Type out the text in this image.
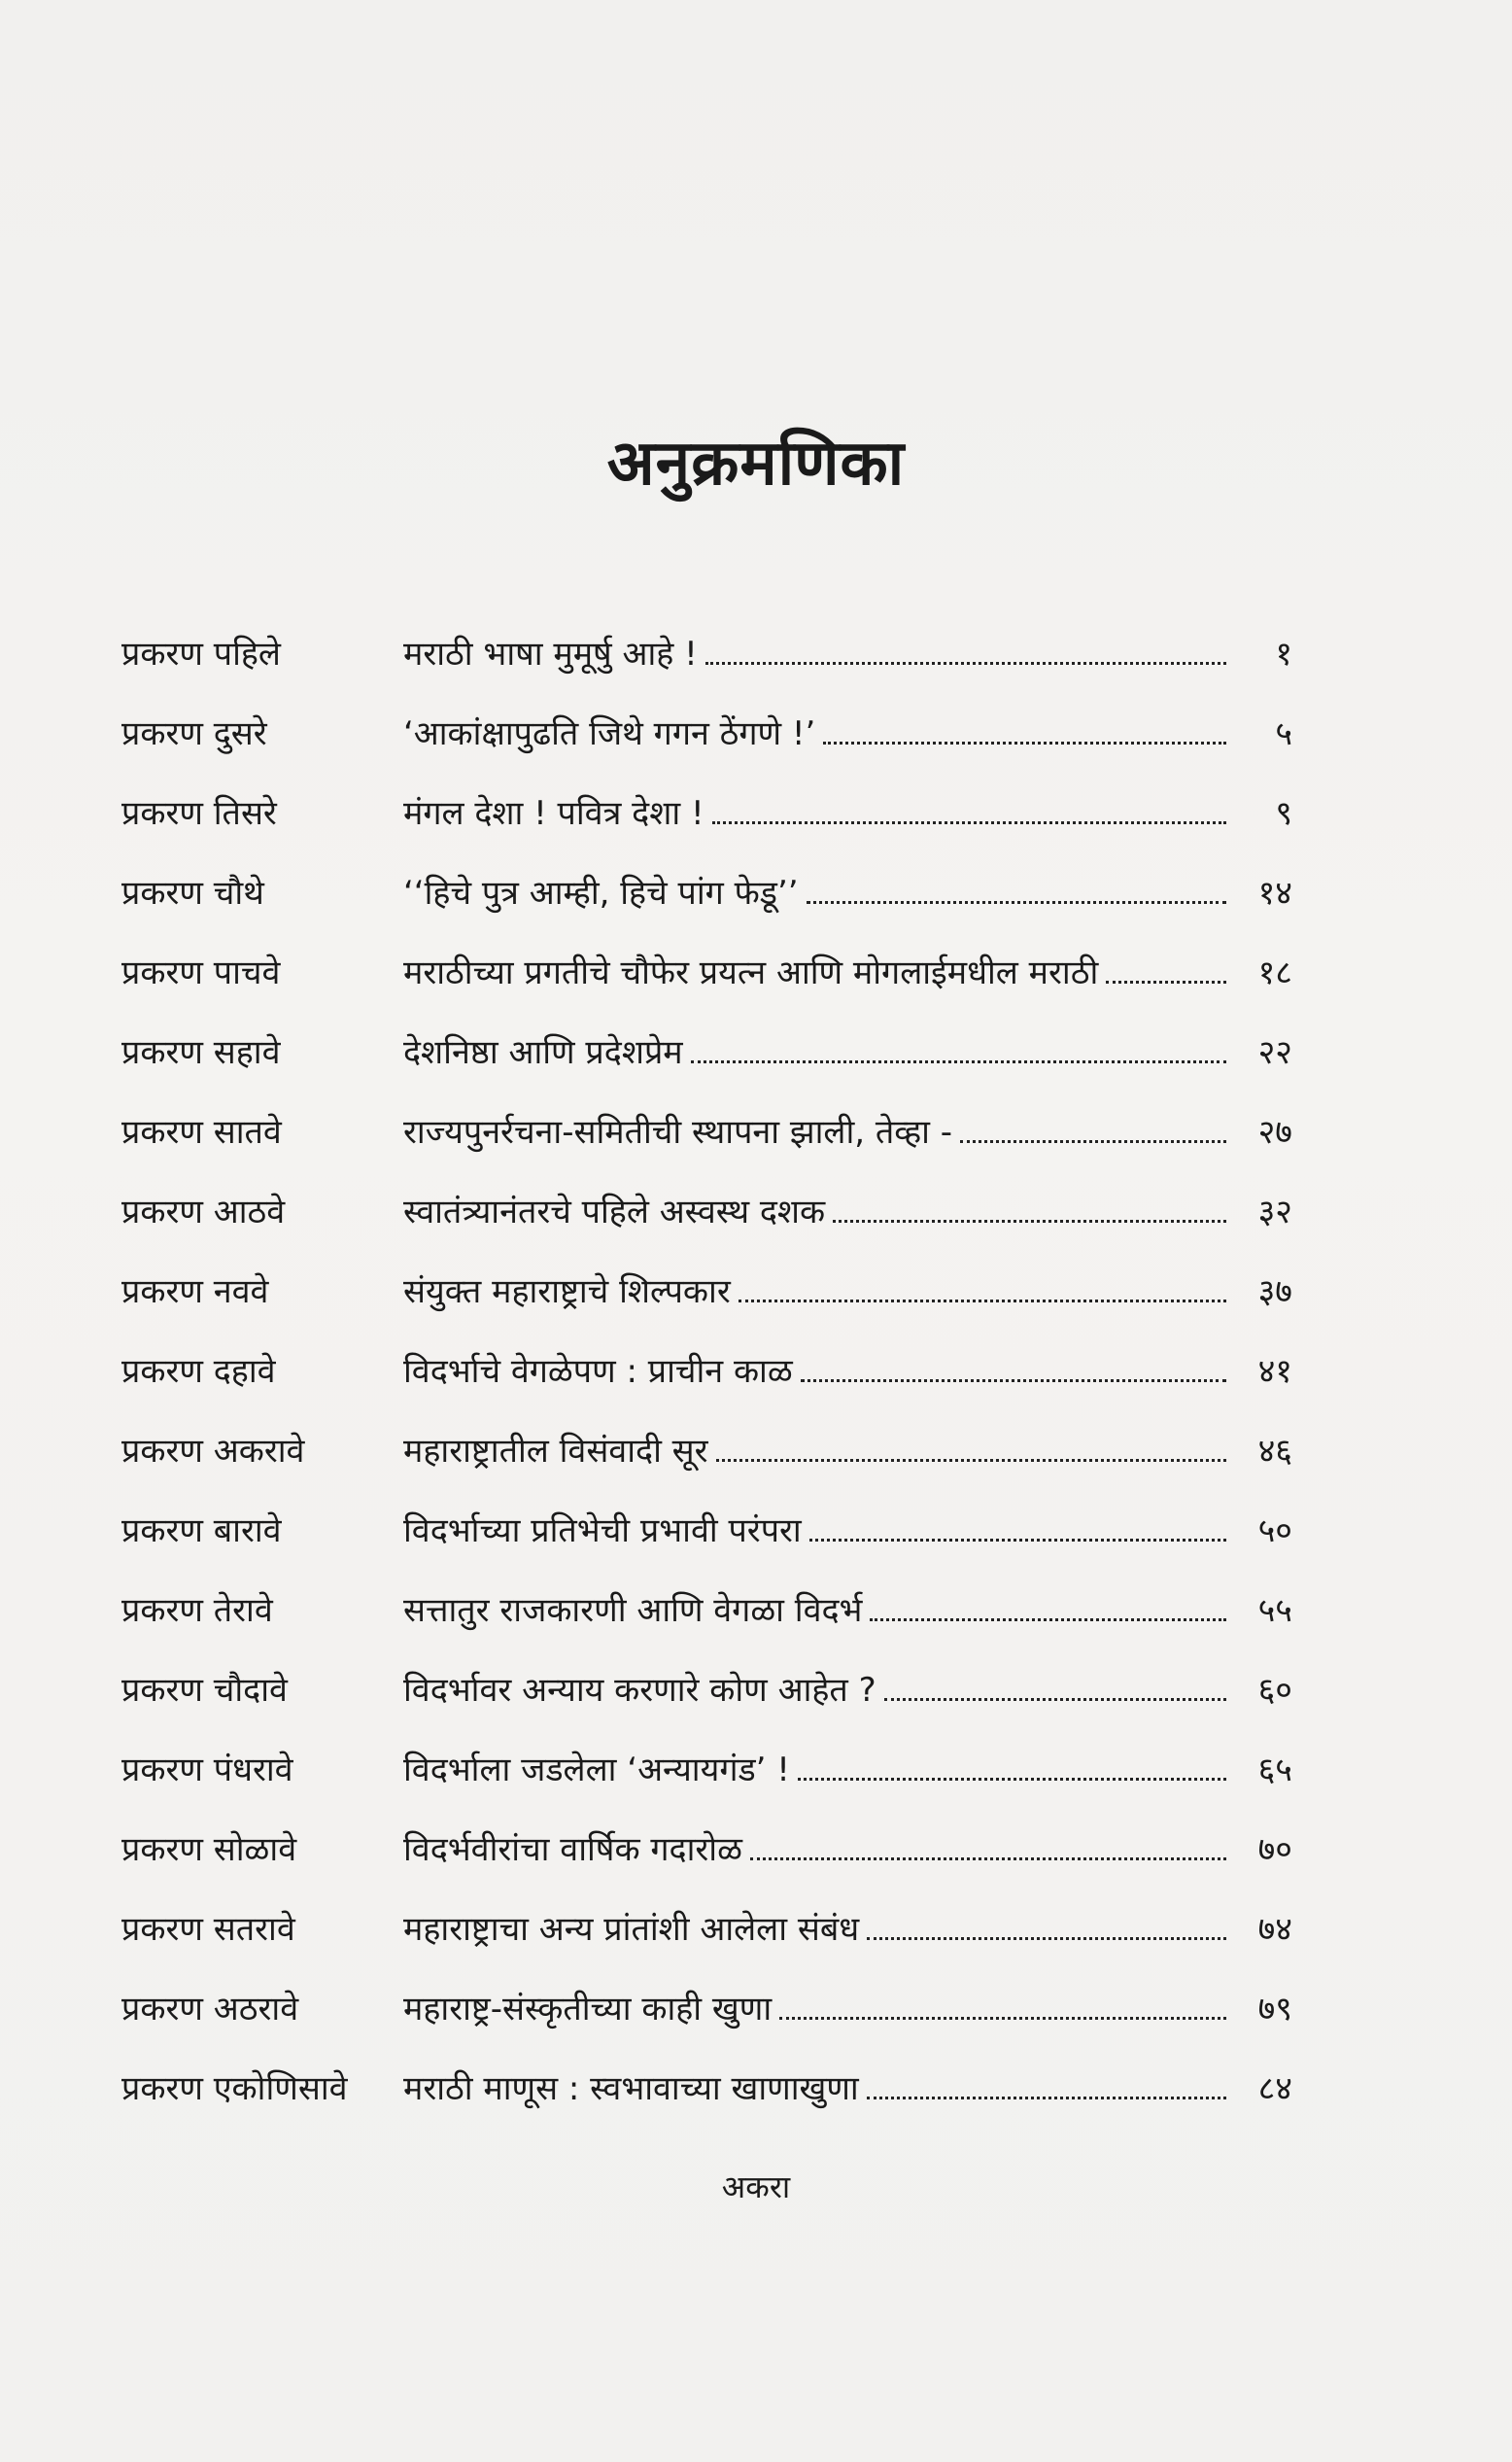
अनुक्रमणिका
प्रकरण पहिले	मराठी भाषा मुमूर्षु आहे !	१
प्रकरण दुसरे	‘आकांक्षापुढति जिथे गगन ठेंगणे !’	५
प्रकरण तिसरे	मंगल देशा ! पवित्र देशा !	९
प्रकरण चौथे	‘‘हिचे पुत्र आम्ही, हिचे पांग फेडू’’	१४
प्रकरण पाचवे	मराठीच्या प्रगतीचे चौफेर प्रयत्न आणि मोगलाईमधील मराठी	१८
प्रकरण सहावे	देशनिष्ठा आणि प्रदेशप्रेम	२२
प्रकरण सातवे	राज्यपुनर्रचना-समितीची स्थापना झाली, तेव्हा -	२७
प्रकरण आठवे	स्वातंत्र्यानंतरचे पहिले अस्वस्थ दशक	३२
प्रकरण नववे	संयुक्त महाराष्ट्राचे शिल्पकार	३७
प्रकरण दहावे	विदर्भाचे वेगळेपण : प्राचीन काळ	४१
प्रकरण अकरावे	महाराष्ट्रातील विसंवादी सूर	४६
प्रकरण बारावे	विदर्भाच्या प्रतिभेची प्रभावी परंपरा	५०
प्रकरण तेरावे	सत्तातुर राजकारणी आणि वेगळा विदर्भ	५५
प्रकरण चौदावे	विदर्भावर अन्याय करणारे कोण आहेत ?	६०
प्रकरण पंधरावे	विदर्भाला जडलेला ‘अन्यायगंड’ !	६५
प्रकरण सोळावे	विदर्भवीरांचा वार्षिक गदारोळ	७०
प्रकरण सतरावे	महाराष्ट्राचा अन्य प्रांतांशी आलेला संबंध	७४
प्रकरण अठरावे	महाराष्ट्र-संस्कृतीच्या काही खुणा	७९
प्रकरण एकोणिसावे	मराठी माणूस : स्वभावाच्या खाणाखुणा	८४
अकरा
